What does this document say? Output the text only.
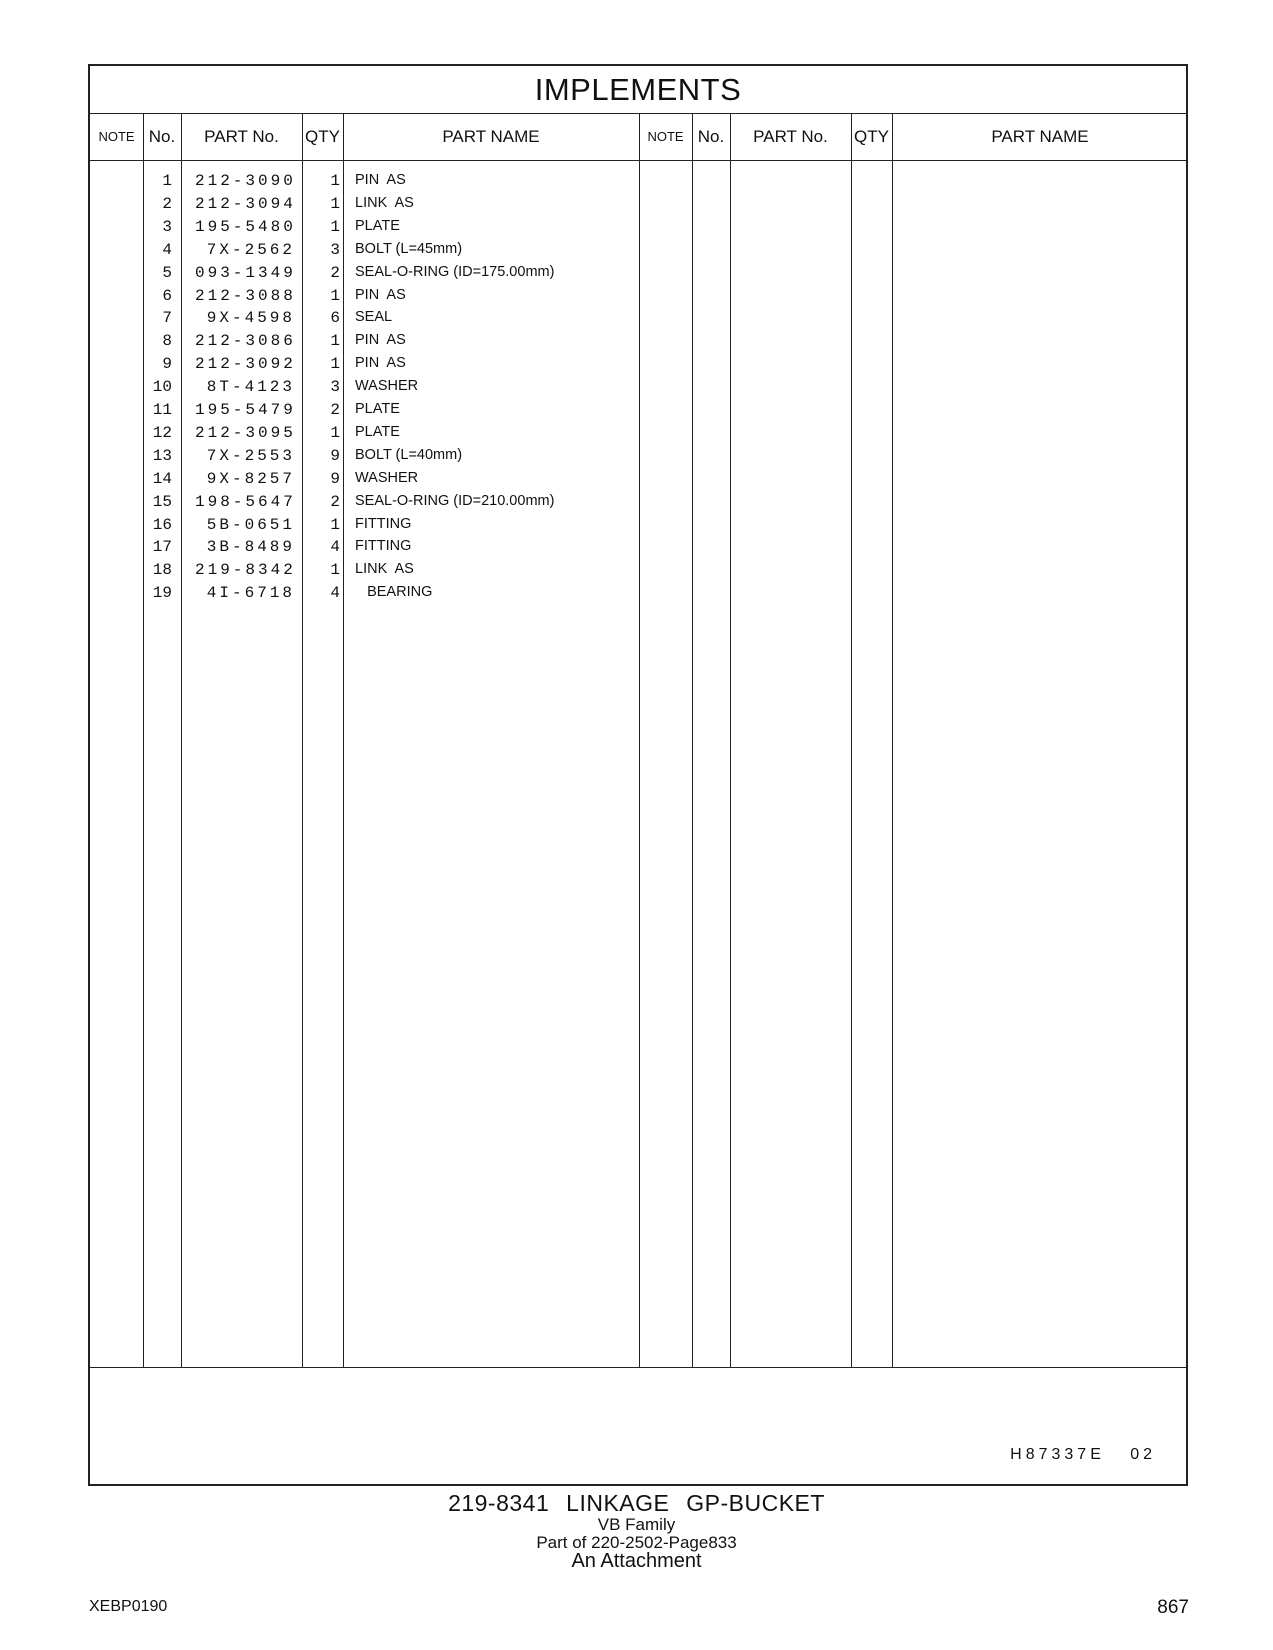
IMPLEMENTS
NOTE No.	PART No.	QTY	PART NAME	NOTE No.	PART No.	QTY	PART NAME
1 212-3090	1 PIN  AS
2 212-3094	1 LINK  AS
3 195-5480	1 PLATE
4	7X-2562	3 BOLT (L=45mm)
5 093-1349	2 SEAL-O-RING (ID=175.00mm)
6 212-3088	1 PIN  AS
7	9X-4598	6 SEAL
8 212-3086	1 PIN  AS
9 212-3092	1 PIN  AS
10	8T-4123	3 WASHER
11 195-5479	2 PLATE
12 212-3095	1 PLATE
13	7X-2553	9 BOLT (L=40mm)
14	9X-8257	9 WASHER
15 198-5647	2 SEAL-O-RING (ID=210.00mm)
16	5B-0651	1 FITTING
17	3B-8489	4 FITTING
18 219-8342	1 LINK  AS
19	4I-6718	4 BEARING
H87337E   02
219-8341 LINKAGE GP-BUCKET
VB Family
Part of 220-2502-Page833
An Attachment
XEBP0190	867
